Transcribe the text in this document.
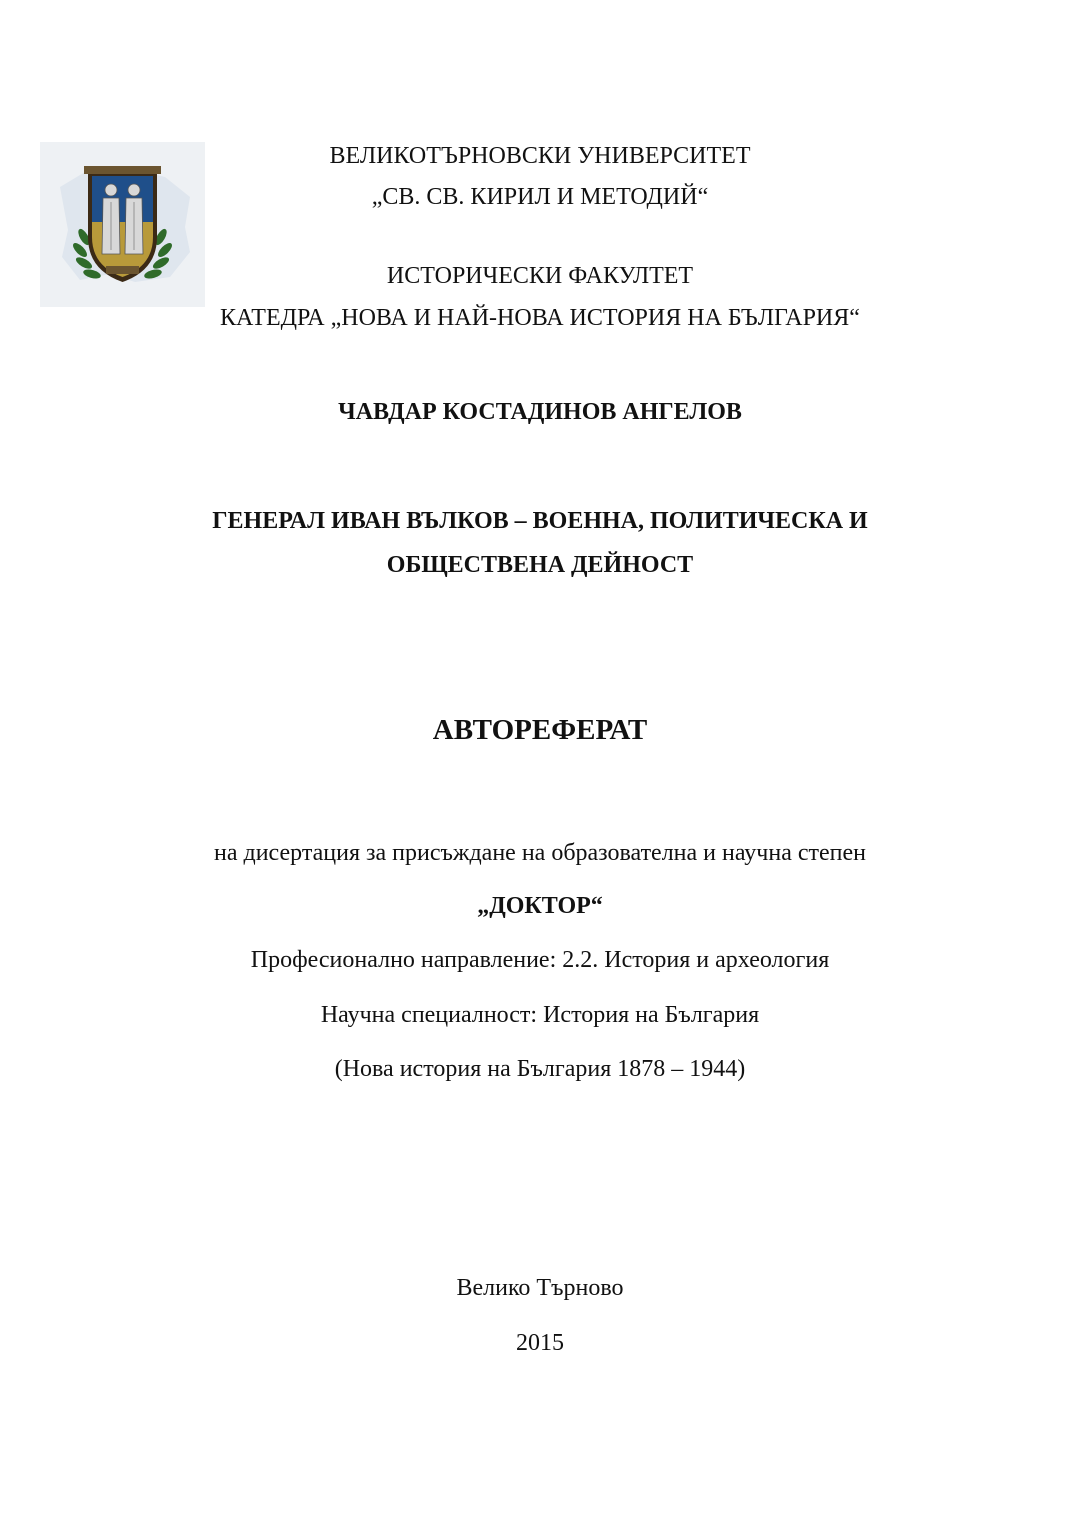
ВЕЛИКОТЪРНОВСКИ УНИВЕРСИТЕТ
„СВ. СВ. КИРИЛ И МЕТОДИЙ“
ИСТОРИЧЕСКИ ФАКУЛТЕТ
КАТЕДРА „НОВА И НАЙ-НОВА ИСТОРИЯ НА БЪЛГАРИЯ“
ЧАВДАР КОСТАДИНОВ АНГЕЛОВ
ГЕНЕРАЛ ИВАН ВЪЛКОВ – ВОЕННА, ПОЛИТИЧЕСКА И
ОБЩЕСТВЕНА ДЕЙНОСТ
АВТОРЕФЕРАТ
на дисертация за присъждане на образователна и научна степен
„ДОКТОР“
Професионално направление: 2.2. История и археология
Научна специалност: История на България
(Нова история на България 1878 – 1944)
Велико Търново
2015
